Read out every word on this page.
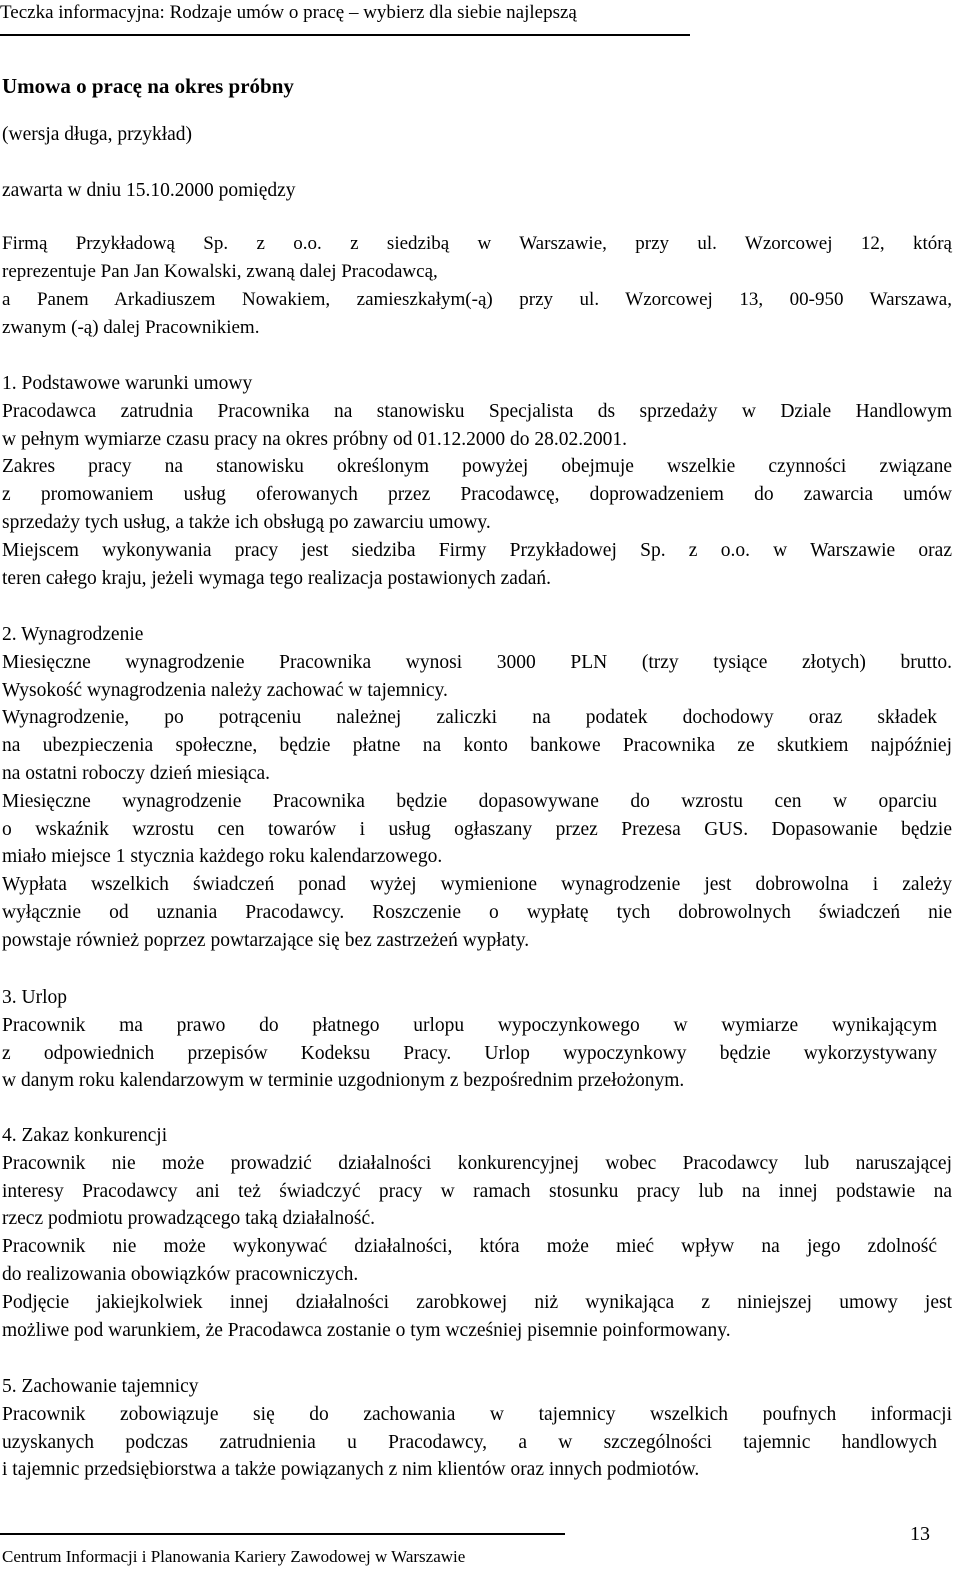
Teczka informacyjna: Rodzaje umów o pracę – wybierz dla siebie najlepszą
Umowa o pracę na okres próbny
(wersja długa, przykład)
zawarta w dniu 15.10.2000 pomiędzy
Firmą Przykładową Sp. z o.o. z siedzibą w Warszawie, przy ul. Wzorcowej 12, którą
reprezentuje Pan Jan Kowalski, zwaną dalej Pracodawcą,
a Panem Arkadiuszem Nowakiem, zamieszkałym(-ą) przy ul. Wzorcowej 13, 00-950 Warszawa,
zwanym (-ą) dalej Pracownikiem.
1. Podstawowe warunki umowy
Pracodawca zatrudnia Pracownika na stanowisku Specjalista ds sprzedaży w Dziale Handlowym
w pełnym wymiarze czasu pracy na okres próbny od 01.12.2000 do 28.02.2001.
Zakres pracy na stanowisku określonym powyżej obejmuje wszelkie czynności związane
z promowaniem usług oferowanych przez Pracodawcę, doprowadzeniem do zawarcia umów
sprzedaży tych usług, a także ich obsługą po zawarciu umowy.
Miejscem wykonywania pracy jest siedziba Firmy Przykładowej Sp. z o.o. w Warszawie oraz
teren całego kraju, jeżeli wymaga tego realizacja postawionych zadań.
2. Wynagrodzenie
Miesięczne wynagrodzenie Pracownika wynosi 3000 PLN (trzy tysiące złotych) brutto.
Wysokość wynagrodzenia należy zachować w tajemnicy.
Wynagrodzenie, po potrąceniu należnej zaliczki na podatek dochodowy oraz składek
na ubezpieczenia społeczne, będzie płatne na konto bankowe Pracownika ze skutkiem najpóźniej
na ostatni roboczy dzień miesiąca.
Miesięczne wynagrodzenie Pracownika będzie dopasowywane do wzrostu cen w oparciu
o wskaźnik wzrostu cen towarów i usług ogłaszany przez Prezesa GUS. Dopasowanie będzie
miało miejsce 1 stycznia każdego roku kalendarzowego.
Wypłata wszelkich świadczeń ponad wyżej wymienione wynagrodzenie jest dobrowolna i zależy
wyłącznie od uznania Pracodawcy. Roszczenie o wypłatę tych dobrowolnych świadczeń nie
powstaje również poprzez powtarzające się bez zastrzeżeń wypłaty.
3. Urlop
Pracownik ma prawo do płatnego urlopu wypoczynkowego w wymiarze wynikającym
z odpowiednich przepisów Kodeksu Pracy. Urlop wypoczynkowy będzie wykorzystywany
w danym roku kalendarzowym w terminie uzgodnionym z bezpośrednim przełożonym.
4. Zakaz konkurencji
Pracownik nie może prowadzić działalności konkurencyjnej wobec Pracodawcy lub naruszającej
interesy Pracodawcy ani też świadczyć pracy w ramach stosunku pracy lub na innej podstawie na
rzecz podmiotu prowadzącego taką działalność.
Pracownik nie może wykonywać działalności, która może mieć wpływ na jego zdolność
do realizowania obowiązków pracowniczych.
Podjęcie jakiejkolwiek innej działalności zarobkowej niż wynikająca z niniejszej umowy jest
możliwe pod warunkiem, że Pracodawca zostanie o tym wcześniej pisemnie poinformowany.
5. Zachowanie tajemnicy
Pracownik zobowiązuje się do zachowania w tajemnicy wszelkich poufnych informacji
uzyskanych podczas zatrudnienia u Pracodawcy, a w szczególności tajemnic handlowych
i tajemnic przedsiębiorstwa a także powiązanych z nim klientów oraz innych podmiotów.
Centrum Informacji i Planowania Kariery Zawodowej w Warszawie
13
